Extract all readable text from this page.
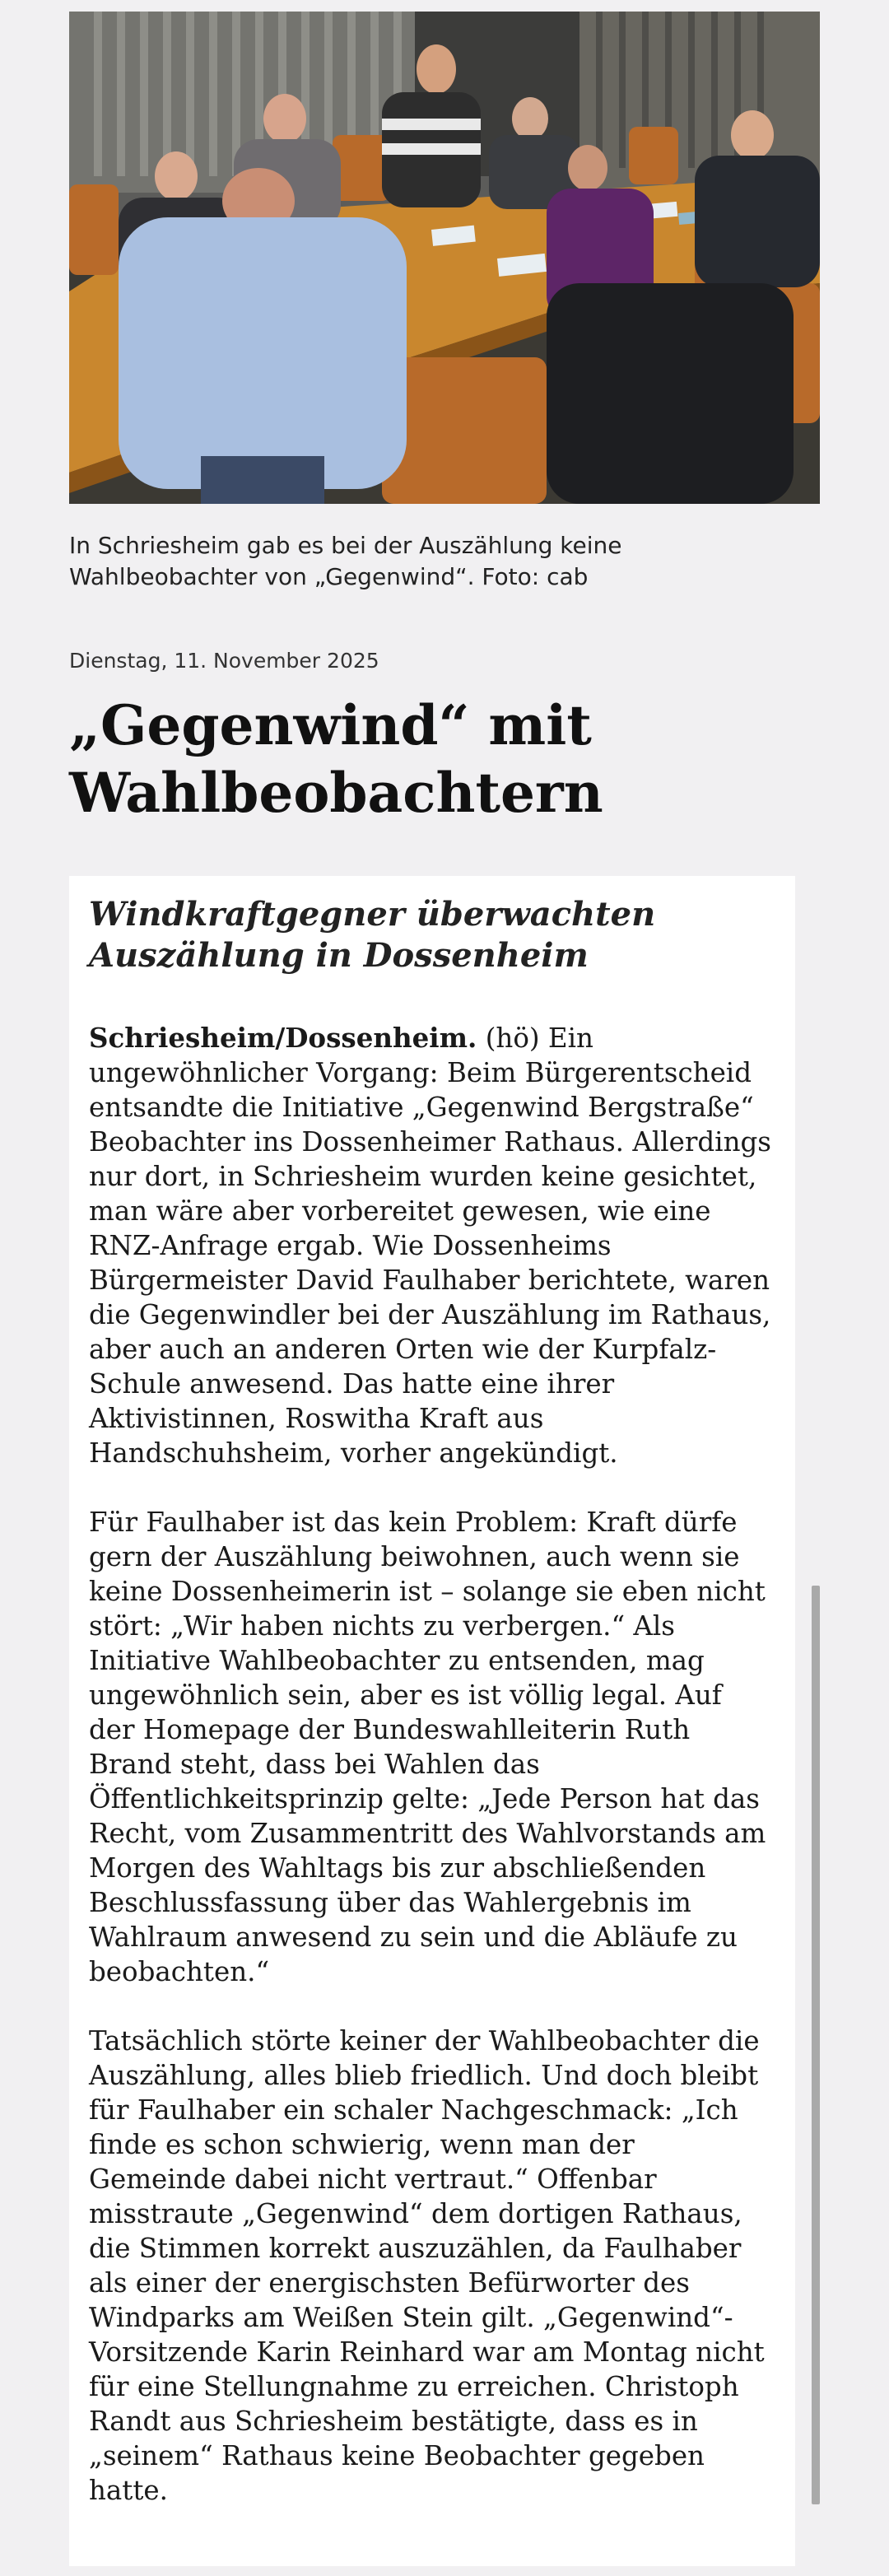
In Schriesheim gab es bei der Auszählung keine Wahlbeobachter von „Gegenwind“. Foto: cab

Dienstag, 11. November 2025

„Gegenwind“ mit Wahlbeobachtern
Windkraftgegner überwachten Auszählung in Dossenheim

Schriesheim/Dossenheim. (hö) Ein ungewöhnlicher Vorgang: Beim Bürgerentscheid entsandte die Initiative „Gegenwind Bergstraße“ Beobachter ins Dossenheimer Rathaus. Allerdings nur dort, in Schriesheim wurden keine gesichtet, man wäre aber vorbereitet gewesen, wie eine RNZ-Anfrage ergab. Wie Dossenheims Bürgermeister David Faulhaber berichtete, waren die Gegenwindler bei der Auszählung im Rathaus, aber auch an anderen Orten wie der Kurpfalz-Schule anwesend. Das hatte eine ihrer Aktivistinnen, Roswitha Kraft aus Handschuhsheim, vorher angekündigt.

Für Faulhaber ist das kein Problem: Kraft dürfe gern der Auszählung beiwohnen, auch wenn sie keine Dossenheimerin ist – solange sie eben nicht stört: „Wir haben nichts zu verbergen.“ Als Initiative Wahlbeobachter zu entsenden, mag ungewöhnlich sein, aber es ist völlig legal. Auf der Homepage der Bundeswahlleiterin Ruth Brand steht, dass bei Wahlen das Öffentlichkeitsprinzip gelte: „Jede Person hat das Recht, vom Zusammentritt des Wahlvorstands am Morgen des Wahltags bis zur abschließenden Beschlussfassung über das Wahlergebnis im Wahlraum anwesend zu sein und die Abläufe zu beobachten.“

Tatsächlich störte keiner der Wahlbeobachter die Auszählung, alles blieb friedlich. Und doch bleibt für Faulhaber ein schaler Nachgeschmack: „Ich finde es schon schwierig, wenn man der Gemeinde dabei nicht vertraut.“ Offenbar misstraute „Gegenwind“ dem dortigen Rathaus, die Stimmen korrekt auszuzählen, da Faulhaber als einer der energischsten Befürworter des Windparks am Weißen Stein gilt. „Gegenwind“-Vorsitzende Karin Reinhard war am Montag nicht für eine Stellungnahme zu erreichen. Christoph Randt aus Schriesheim bestätigte, dass es in „seinem“ Rathaus keine Beobachter gegeben hatte.
